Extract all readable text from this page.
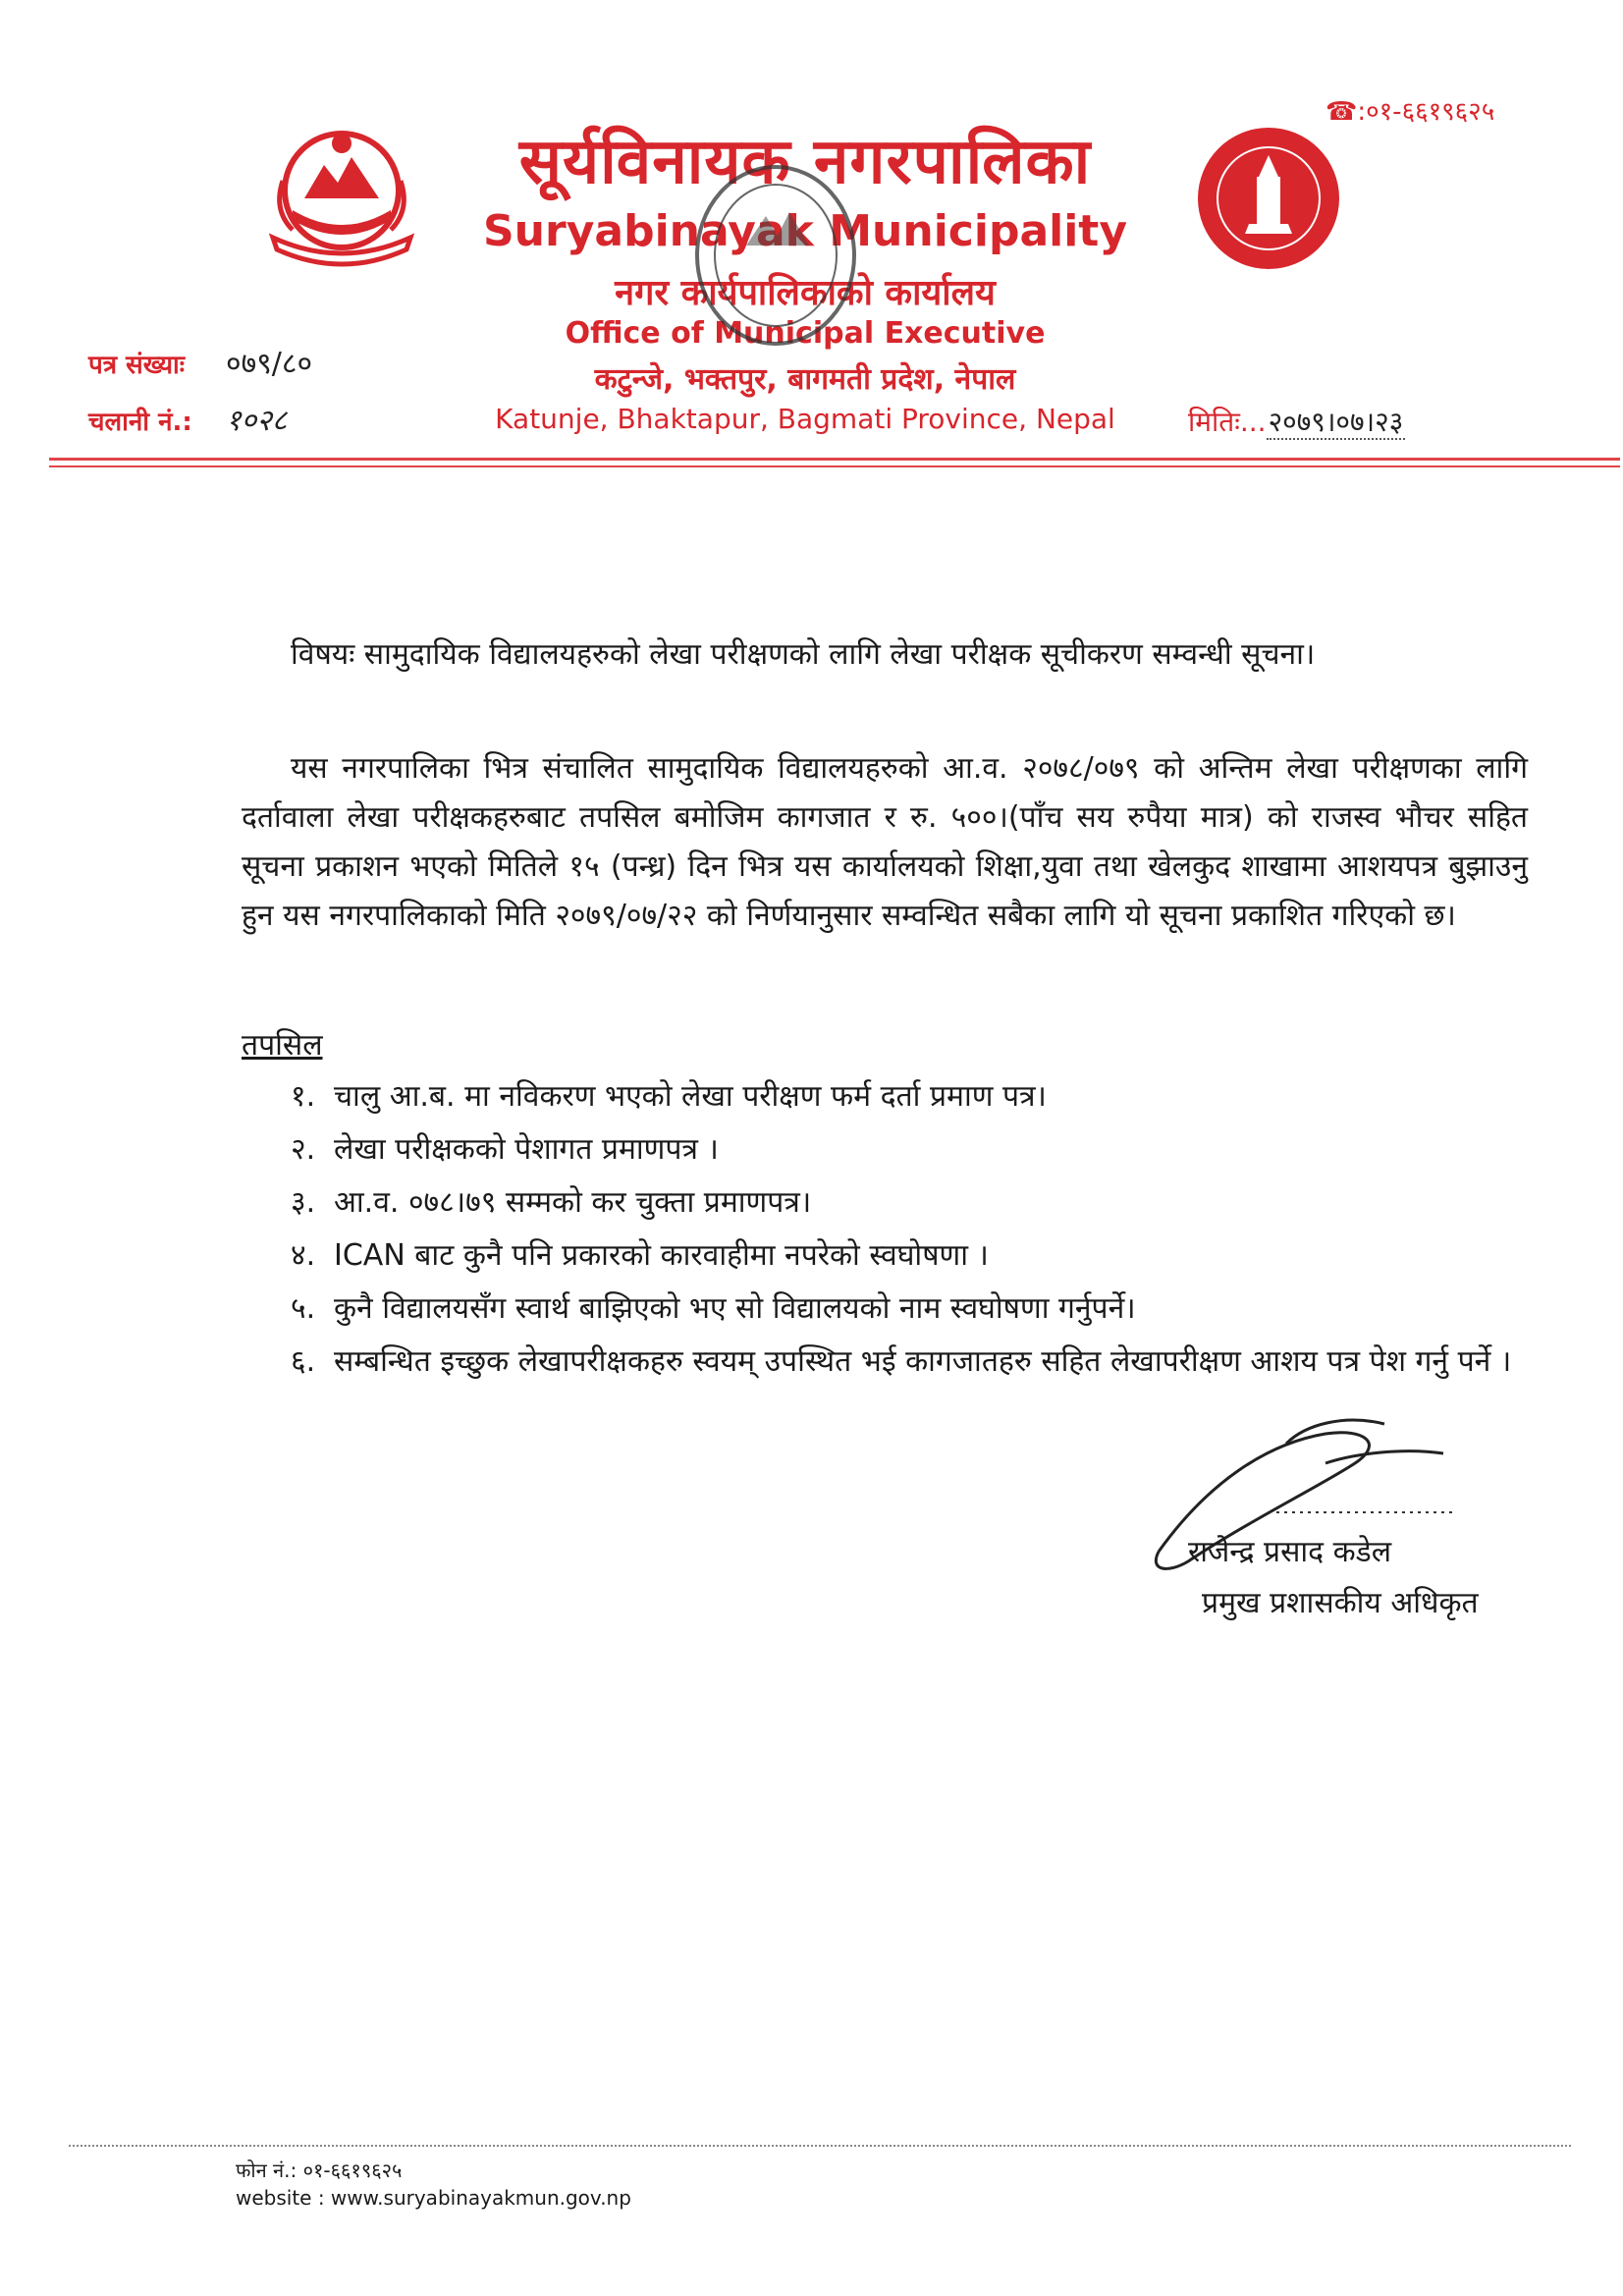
☎:०१-६६१९६२५
सूर्यविनायक नगरपालिका
Suryabinayak Municipality
नगर कार्यपालिकाको कार्यालय
Office of Municipal Executive
कटुन्जे, भक्तपुर, बागमती प्रदेश, नेपाल
Katunje, Bhaktapur, Bagmati Province, Nepal
पत्र संख्याः ०७९/८०
चलानी नं.: १०२८	मितिः...२०७९।०७।२३
विषयः सामुदायिक विद्यालयहरुको लेखा परीक्षणको लागि लेखा परीक्षक सूचीकरण सम्वन्धी सूचना।
यस नगरपालिका भित्र संचालित सामुदायिक विद्यालयहरुको आ.व. २०७८/०७९ को अन्तिम लेखा परीक्षणका लागि दर्तावाला लेखा परीक्षकहरुबाट तपसिल बमोजिम कागजात र रु. ५००।(पाँच सय रुपैया मात्र) को राजस्व भौचर सहित सूचना प्रकाशन भएको मितिले १५ (पन्ध्र) दिन भित्र यस कार्यालयको शिक्षा,युवा तथा खेलकुद शाखामा आशयपत्र बुझाउनु हुन यस नगरपालिकाको मिति २०७९/०७/२२ को निर्णयानुसार सम्वन्धित सबैका लागि यो सूचना प्रकाशित गरिएको छ।
तपसिल
१. चालु आ.ब. मा नविकरण भएको लेखा परीक्षण फर्म दर्ता प्रमाण पत्र।
२. लेखा परीक्षकको पेशागत प्रमाणपत्र ।
३. आ.व. ०७८।७९ सम्मको कर चुक्ता प्रमाणपत्र।
४. ICAN बाट कुनै पनि प्रकारको कारवाहीमा नपरेको स्वघोषणा ।
५. कुनै विद्यालयसँग स्वार्थ बाझिएको भए सो विद्यालयको नाम स्वघोषणा गर्नुपर्ने।
६. सम्बन्धित इच्छुक लेखापरीक्षकहरु स्वयम् उपस्थित भई कागजातहरु सहित लेखापरीक्षण आशय पत्र पेश गर्नु पर्ने ।
राजेन्द्र प्रसाद कडेल
प्रमुख प्रशासकीय अधिकृत
फोन नं.: ०१-६६१९६२५
website : www.suryabinayakmun.gov.np
